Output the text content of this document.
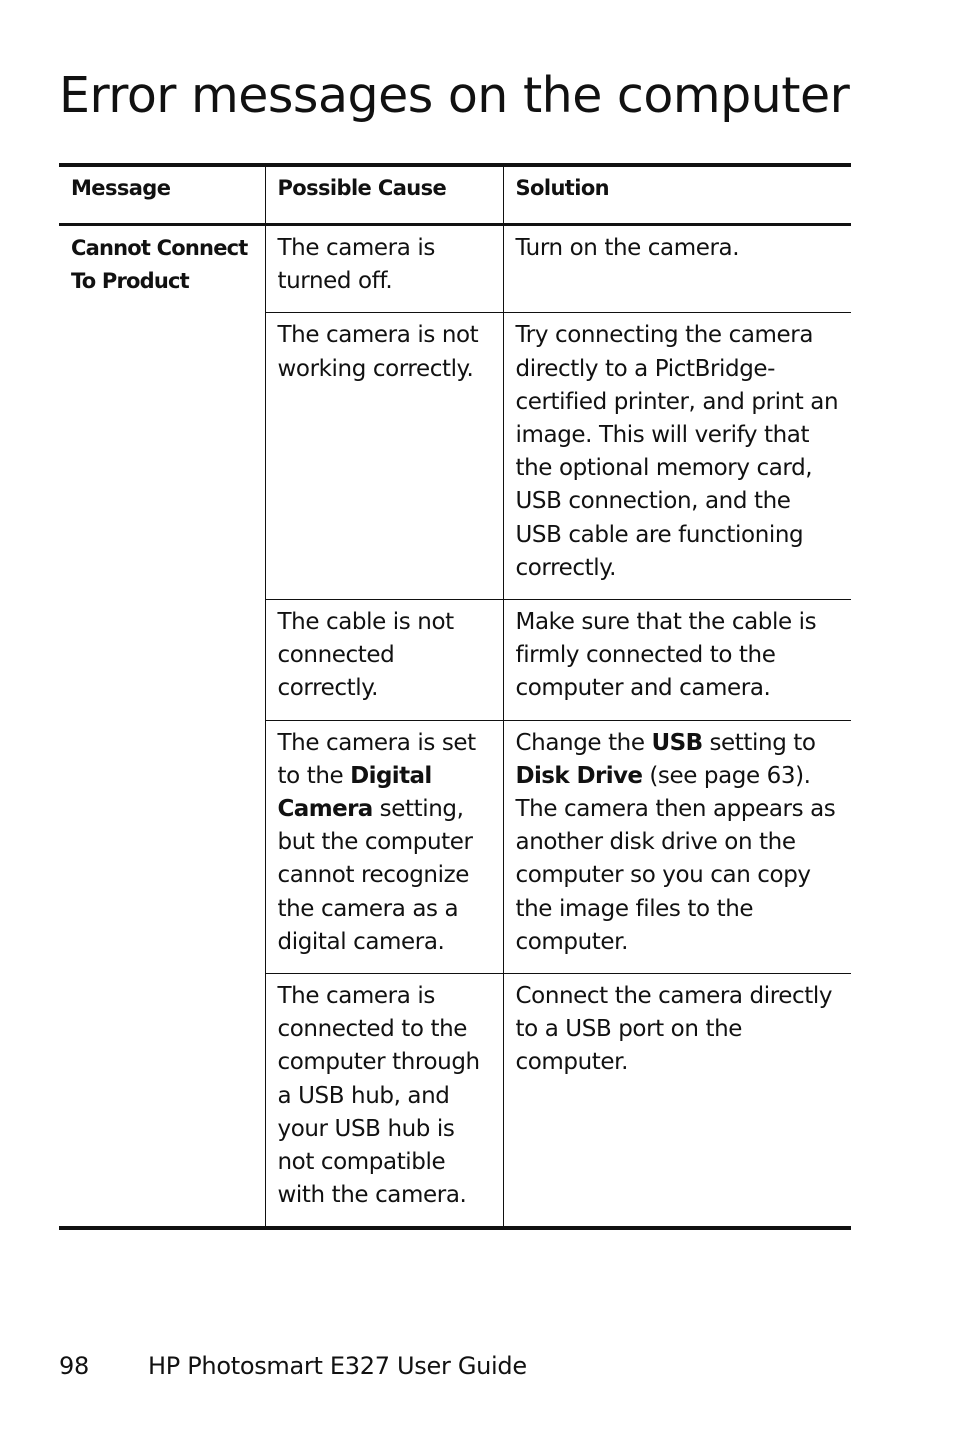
Error messages on the computer
Message	Possible Cause	Solution
Cannot Connect To Product	The camera is turned off.	Turn on the camera.
	The camera is not working correctly.	Try connecting the camera directly to a PictBridge-certified printer, and print an image. This will verify that the optional memory card, USB connection, and the USB cable are functioning correctly.
	The cable is not connected correctly.	Make sure that the cable is firmly connected to the computer and camera.
	The camera is set to the Digital Camera setting, but the computer cannot recognize the camera as a digital camera.	Change the USB setting to Disk Drive (see page 63). The camera then appears as another disk drive on the computer so you can copy the image files to the computer.
	The camera is connected to the computer through a USB hub, and your USB hub is not compatible with the camera.	Connect the camera directly to a USB port on the computer.
98 HP Photosmart E327 User Guide
